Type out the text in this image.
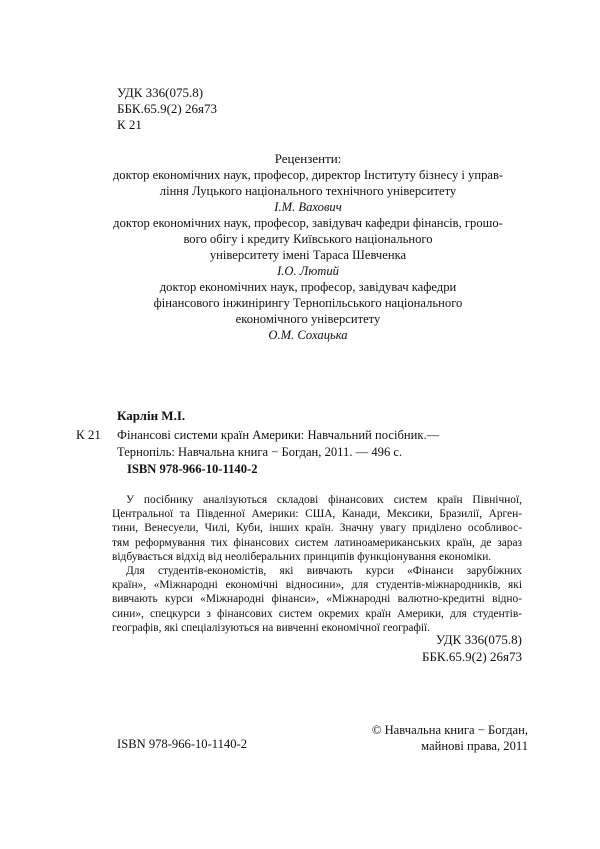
УДК 336(075.8)
ББК.65.9(2) 26я73
К 21
Рецензенти:
доктор економічних наук, професор, директор Інституту бізнесу і управ-
ління Луцького національного технічного університету
І.М. Вахович
доктор економічних наук, професор, завідувач кафедри фінансів, грошо-
вого обігу і кредиту Київського національного
університету імені Тараса Шевченка
І.О. Лютий
доктор економічних наук, професор, завідувач кафедри
фінансового інжинірингу Тернопільського національного
економічного університету
О.М. Сохацька
Карлін М.І.
К 21 Фінансові системи країн Америки: Навчальний посібник.—
Тернопіль: Навчальна книга − Богдан, 2011. — 496 с.
ISBN 978-966-10-1140-2

У посібнику аналізуються складові фінансових систем країн Північної,
Центральної та Південної Америки: США, Канади, Мексики, Бразилії, Арген-
тини, Венесуели, Чилі, Куби, інших країн. Значну увагу приділено особливос-
тям реформування тих фінансових систем латиноамериканських країн, де зараз
відбувається відхід від неоліберальних принципів функціонування економіки.

Для студентів-економістів, які вивчають курси «Фінанси зарубіжних
країн», «Міжнародні економічні відносини», для студентів-міжнародників, які
вивчають курси «Міжнародні фінанси», «Міжнародні валютно-кредитні відно-
сини», спецкурси з фінансових систем окремих країн Америки, для студентів-
географів, які спеціалізуються на вивченні економічної географії.

УДК 336(075.8)
ББК.65.9(2) 26я73
ISBN 978-966-10-1140-2
© Навчальна книга − Богдан,
майнові права, 2011
